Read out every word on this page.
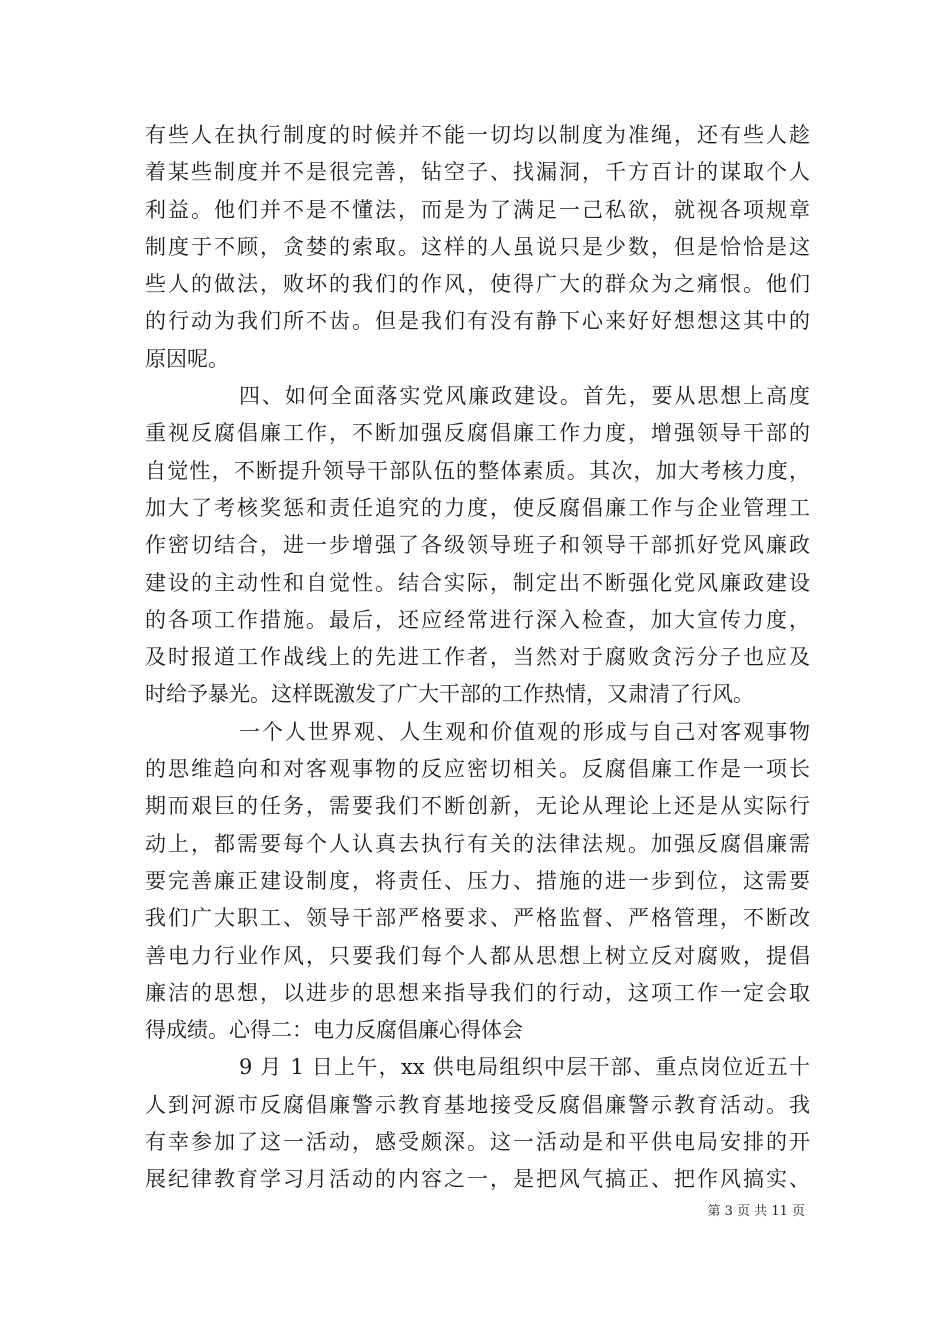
有些人在执行制度的时候并不能一切均以制度为准绳，还有些人趁
着某些制度并不是很完善，钻空子、找漏洞，千方百计的谋取个人
利益。他们并不是不懂法，而是为了满足一己私欲，就视各项规章
制度于不顾，贪婪的索取。这样的人虽说只是少数，但是恰恰是这
些人的做法，败坏的我们的作风，使得广大的群众为之痛恨。他们
的行动为我们所不齿。但是我们有没有静下心来好好想想这其中的
原因呢。
四、如何全面落实党风廉政建设。首先，要从思想上高度
重视反腐倡廉工作，不断加强反腐倡廉工作力度，增强领导干部的
自觉性，不断提升领导干部队伍的整体素质。其次，加大考核力度，
加大了考核奖惩和责任追究的力度，使反腐倡廉工作与企业管理工
作密切结合，进一步增强了各级领导班子和领导干部抓好党风廉政
建设的主动性和自觉性。结合实际，制定出不断强化党风廉政建设
的各项工作措施。最后，还应经常进行深入检查，加大宣传力度，
及时报道工作战线上的先进工作者，当然对于腐败贪污分子也应及
时给予暴光。这样既激发了广大干部的工作热情，又肃清了行风。
一个人世界观、人生观和价值观的形成与自己对客观事物
的思维趋向和对客观事物的反应密切相关。反腐倡廉工作是一项长
期而艰巨的任务，需要我们不断创新，无论从理论上还是从实际行
动上，都需要每个人认真去执行有关的法律法规。加强反腐倡廉需
要完善廉正建设制度，将责任、压力、措施的进一步到位，这需要
我们广大职工、领导干部严格要求、严格监督、严格管理，不断改
善电力行业作风，只要我们每个人都从思想上树立反对腐败，提倡
廉洁的思想，以进步的思想来指导我们的行动，这项工作一定会取
得成绩。心得二：电力反腐倡廉心得体会
9 月 1 日上午，xx 供电局组织中层干部、重点岗位近五十
人到河源市反腐倡廉警示教育基地接受反腐倡廉警示教育活动。我
有幸参加了这一活动，感受颇深。这一活动是和平供电局安排的开
展纪律教育学习月活动的内容之一，是把风气搞正、把作风搞实、
第 3 页 共 11 页
